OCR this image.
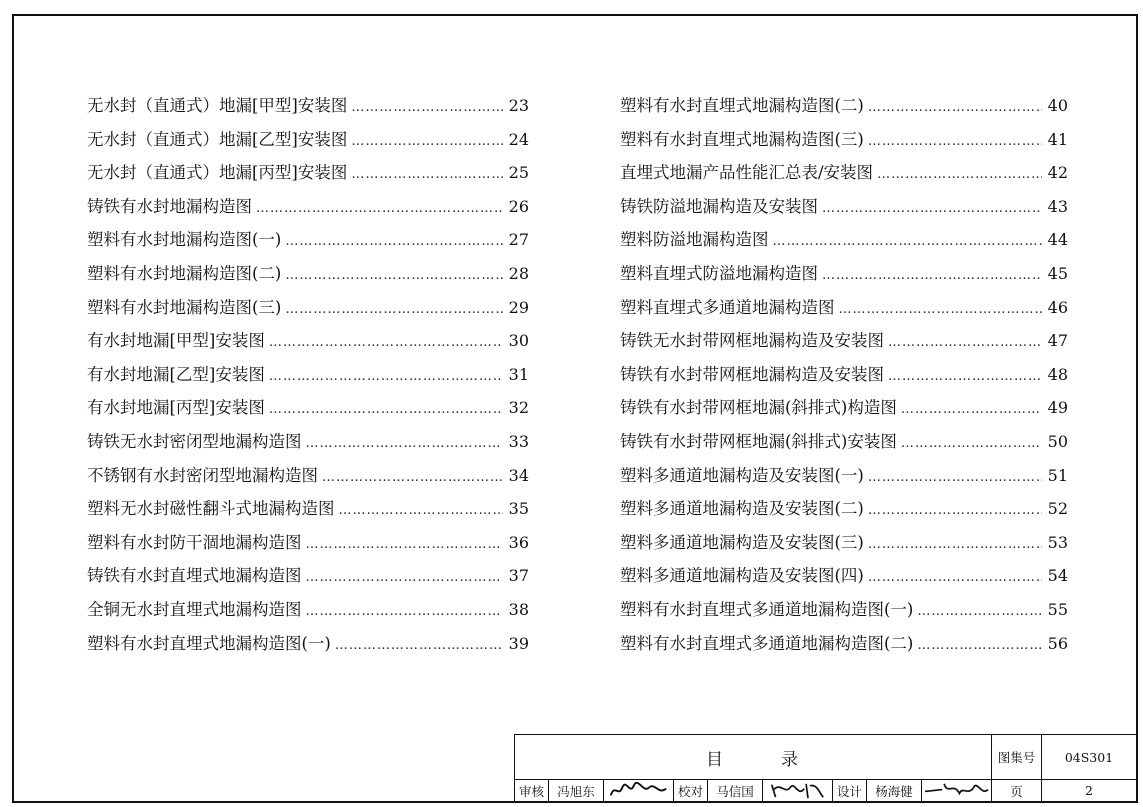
无水封（直通式）地漏[甲型]安装图 …………………………………………………………………………………………………………………………………………	23
无水封（直通式）地漏[乙型]安装图 …………………………………………………………………………………………………………………………………………	24
无水封（直通式）地漏[丙型]安装图 …………………………………………………………………………………………………………………………………………	25
铸铁有水封地漏构造图 …………………………………………………………………………………………………………………………………………	26
塑料有水封地漏构造图(一) …………………………………………………………………………………………………………………………………………	27
塑料有水封地漏构造图(二) …………………………………………………………………………………………………………………………………………	28
塑料有水封地漏构造图(三) …………………………………………………………………………………………………………………………………………	29
有水封地漏[甲型]安装图 …………………………………………………………………………………………………………………………………………	30
有水封地漏[乙型]安装图 …………………………………………………………………………………………………………………………………………	31
有水封地漏[丙型]安装图 …………………………………………………………………………………………………………………………………………	32
铸铁无水封密闭型地漏构造图 …………………………………………………………………………………………………………………………………………	33
不锈钢有水封密闭型地漏构造图 …………………………………………………………………………………………………………………………………………	34
塑料无水封磁性翻斗式地漏构造图 …………………………………………………………………………………………………………………………………………	35
塑料有水封防干涸地漏构造图 …………………………………………………………………………………………………………………………………………	36
铸铁有水封直埋式地漏构造图 …………………………………………………………………………………………………………………………………………	37
全铜无水封直埋式地漏构造图 …………………………………………………………………………………………………………………………………………	38
塑料有水封直埋式地漏构造图(一) …………………………………………………………………………………………………………………………………………	39
塑料有水封直埋式地漏构造图(二) …………………………………………………………………………………………………………………………………………	40
塑料有水封直埋式地漏构造图(三) …………………………………………………………………………………………………………………………………………	41
直埋式地漏产品性能汇总表/安装图 …………………………………………………………………………………………………………………………………………	42
铸铁防溢地漏构造及安装图 …………………………………………………………………………………………………………………………………………	43
塑料防溢地漏构造图 …………………………………………………………………………………………………………………………………………	44
塑料直埋式防溢地漏构造图 …………………………………………………………………………………………………………………………………………	45
塑料直埋式多通道地漏构造图 …………………………………………………………………………………………………………………………………………	46
铸铁无水封带网框地漏构造及安装图 …………………………………………………………………………………………………………………………………………	47
铸铁有水封带网框地漏构造及安装图 …………………………………………………………………………………………………………………………………………	48
铸铁有水封带网框地漏(斜排式)构造图 …………………………………………………………………………………………………………………………………………	49
铸铁有水封带网框地漏(斜排式)安装图 …………………………………………………………………………………………………………………………………………	50
塑料多通道地漏构造及安装图(一) …………………………………………………………………………………………………………………………………………	51
塑料多通道地漏构造及安装图(二) …………………………………………………………………………………………………………………………………………	52
塑料多通道地漏构造及安装图(三) …………………………………………………………………………………………………………………………………………	53
塑料多通道地漏构造及安装图(四) …………………………………………………………………………………………………………………………………………	54
塑料有水封直埋式多通道地漏构造图(一) …………………………………………………………………………………………………………………………………………	55
塑料有水封直埋式多通道地漏构造图(二) …………………………………………………………………………………………………………………………………………	56
目	录	图集号	04S301
审核	冯旭东	校对	马信国	设计	杨海健	页	2
